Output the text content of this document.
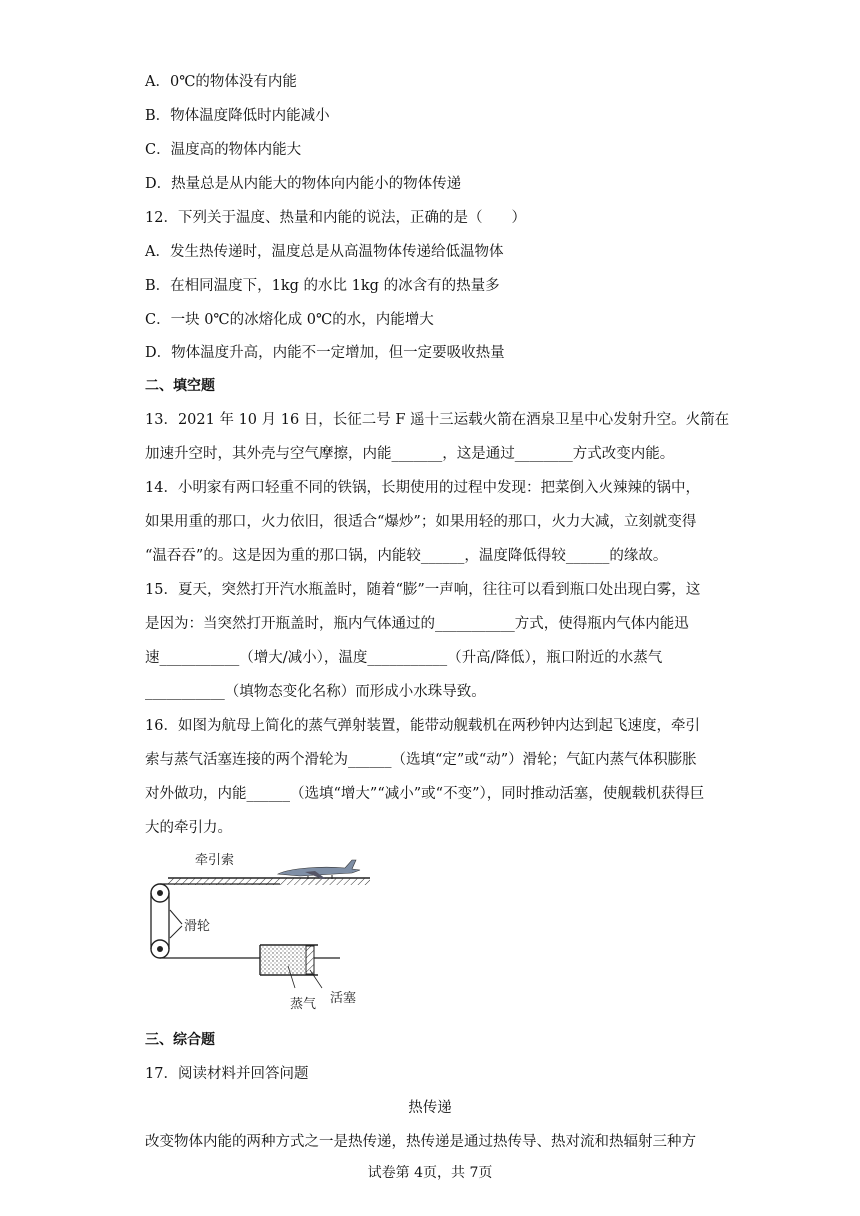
A．0℃的物体没有内能
B．物体温度降低时内能减小
C．温度高的物体内能大
D．热量总是从内能大的物体向内能小的物体传递
12．下列关于温度、热量和内能的说法，正确的是（　　）
A．发生热传递时，温度总是从高温物体传递给低温物体
B．在相同温度下，1kg 的水比 1kg 的冰含有的热量多
C．一块 0℃的冰熔化成 0℃的水，内能增大
D．物体温度升高，内能不一定增加，但一定要吸收热量
二、填空题
13．2021 年 10 月 16 日，长征二号 F 遥十三运载火箭在酒泉卫星中心发射升空。火箭在
加速升空时，其外壳与空气摩擦，内能_______，这是通过________方式改变内能。
14．小明家有两口轻重不同的铁锅，长期使用的过程中发现：把菜倒入火辣辣的锅中，
如果用重的那口，火力依旧，很适合“爆炒”；如果用轻的那口，火力大减，立刻就变得
“温吞吞”的。这是因为重的那口锅，内能较______，温度降低得较______的缘故。
15．夏天，突然打开汽水瓶盖时，随着“膨”一声响，往往可以看到瓶口处出现白雾，这
是因为：当突然打开瓶盖时，瓶内气体通过的___________方式，使得瓶内气体内能迅
速___________（增大/减小），温度___________（升高/降低），瓶口附近的水蒸气
___________（填物态变化名称）而形成小水珠导致。
16．如图为航母上简化的蒸气弹射装置，能带动舰载机在两秒钟内达到起飞速度，牵引
索与蒸气活塞连接的两个滑轮为______（选填“定”或“动”）滑轮；气缸内蒸气体积膨胀
对外做功，内能______（选填“增大”“减小”或“不变”），同时推动活塞，使舰载机获得巨
大的牵引力。
牵引索
滑轮
蒸气 活塞
三、综合题
17．阅读材料并回答问题
热传递
改变物体内能的两种方式之一是热传递，热传递是通过热传导、热对流和热辐射三种方
试卷第 4页，共 7页
